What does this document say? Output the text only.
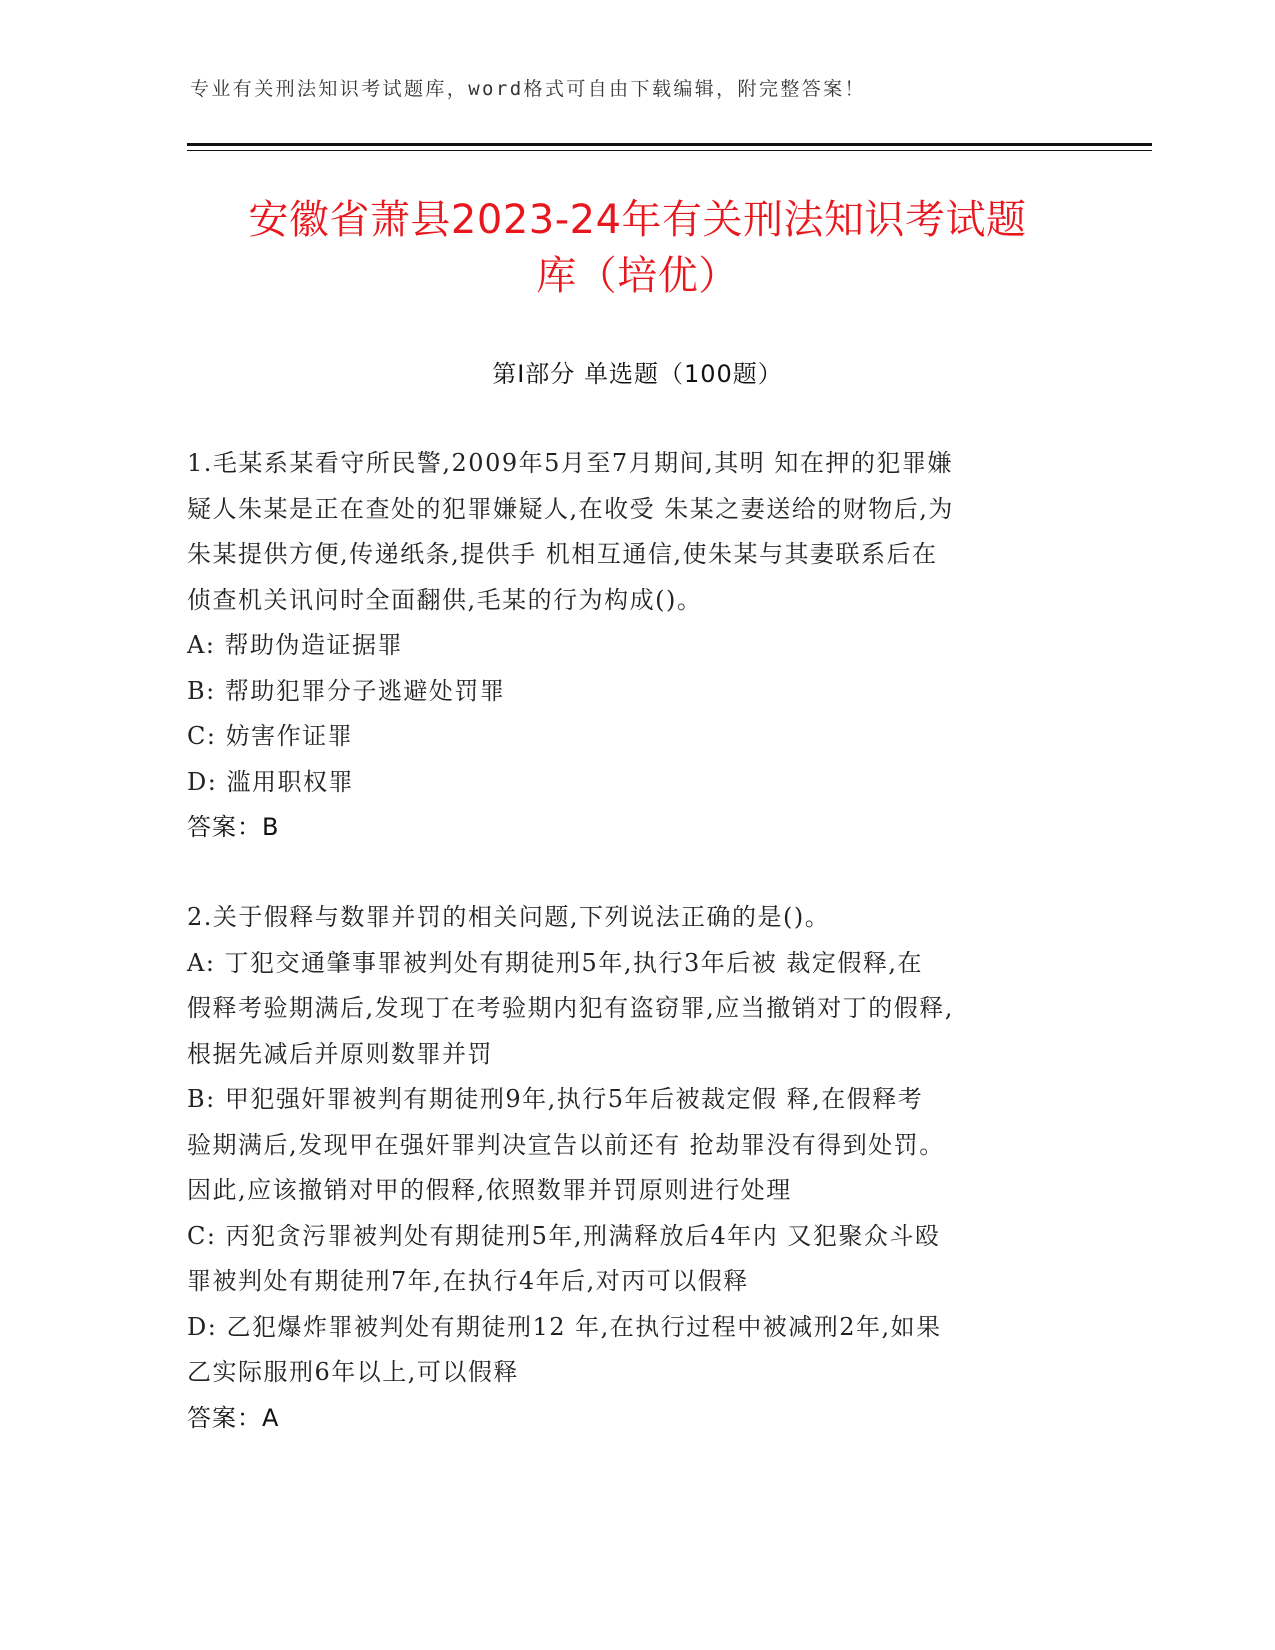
专业有关刑法知识考试题库，word格式可自由下载编辑，附完整答案！
安徽省萧县2023-24年有关刑法知识考试题
库（培优）
第I部分 单选题（100题）
1.毛某系某看守所民警,2009年5月至7月期间,其明 知在押的犯罪嫌
疑人朱某是正在查处的犯罪嫌疑人,在收受 朱某之妻送给的财物后,为
朱某提供方便,传递纸条,提供手 机相互通信,使朱某与其妻联系后在
侦查机关讯问时全面翻供,毛某的行为构成()。
A: 帮助伪造证据罪
B: 帮助犯罪分子逃避处罚罪
C: 妨害作证罪
D: 滥用职权罪
答案：B
2.关于假释与数罪并罚的相关问题,下列说法正确的是()。
A: 丁犯交通肇事罪被判处有期徒刑5年,执行3年后被 裁定假释,在
假释考验期满后,发现丁在考验期内犯有盗窃罪,应当撤销对丁的假释,
根据先减后并原则数罪并罚
B: 甲犯强奸罪被判有期徒刑9年,执行5年后被裁定假 释,在假释考
验期满后,发现甲在强奸罪判决宣告以前还有 抢劫罪没有得到处罚。
因此,应该撤销对甲的假释,依照数罪并罚原则进行处理
C: 丙犯贪污罪被判处有期徒刑5年,刑满释放后4年内 又犯聚众斗殴
罪被判处有期徒刑7年,在执行4年后,对丙可以假释
D: 乙犯爆炸罪被判处有期徒刑12 年,在执行过程中被减刑2年,如果
乙实际服刑6年以上,可以假释
答案：A
